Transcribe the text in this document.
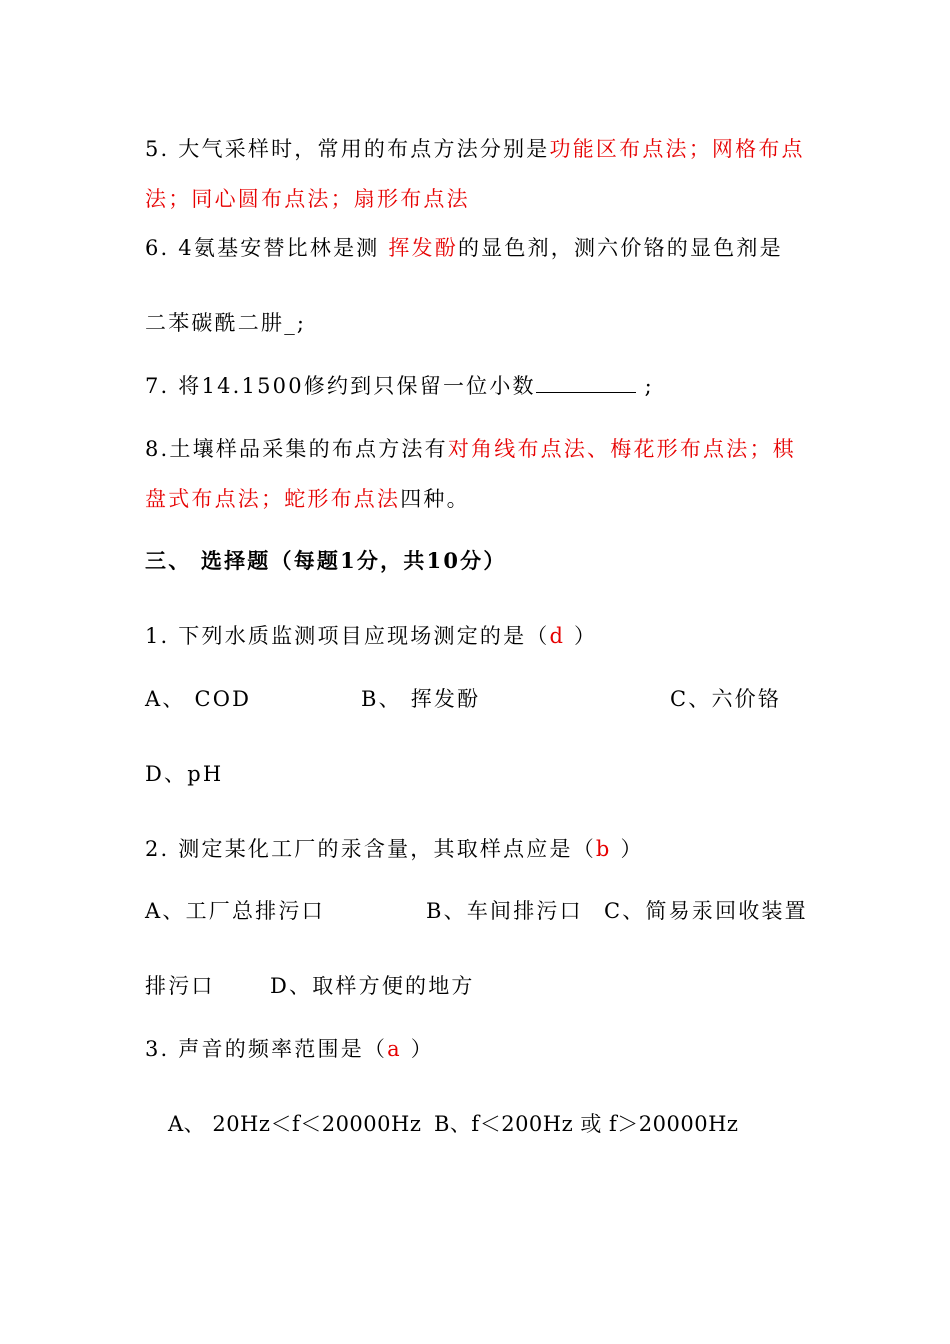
5. 大气采样时，常用的布点方法分别是功能区布点法；网格布点
法；同心圆布点法；扇形布点法
6. 4氨基安替比林是测 挥发酚的显色剂，测六价铬的显色剂是
二苯碳酰二肼_;
7. 将14.1500修约到只保留一位小数	;
8.土壤样品采集的布点方法有对角线布点法、梅花形布点法；棋
盘式布点法；蛇形布点法四种。
三、 选择题（每题1分，共10分）
1. 下列水质监测项目应现场测定的是（d ）
A、 COD	B、 挥发酚	C、六价铬
D、pH
2. 测定某化工厂的汞含量，其取样点应是（b ）
A、工厂总排污口	B、车间排污口 C、简易汞回收装置
排污口	D、取样方便的地方
3. 声音的频率范围是（a ）
A、 20Hz＜f＜20000Hz B、f＜200Hz 或 f＞20000Hz
